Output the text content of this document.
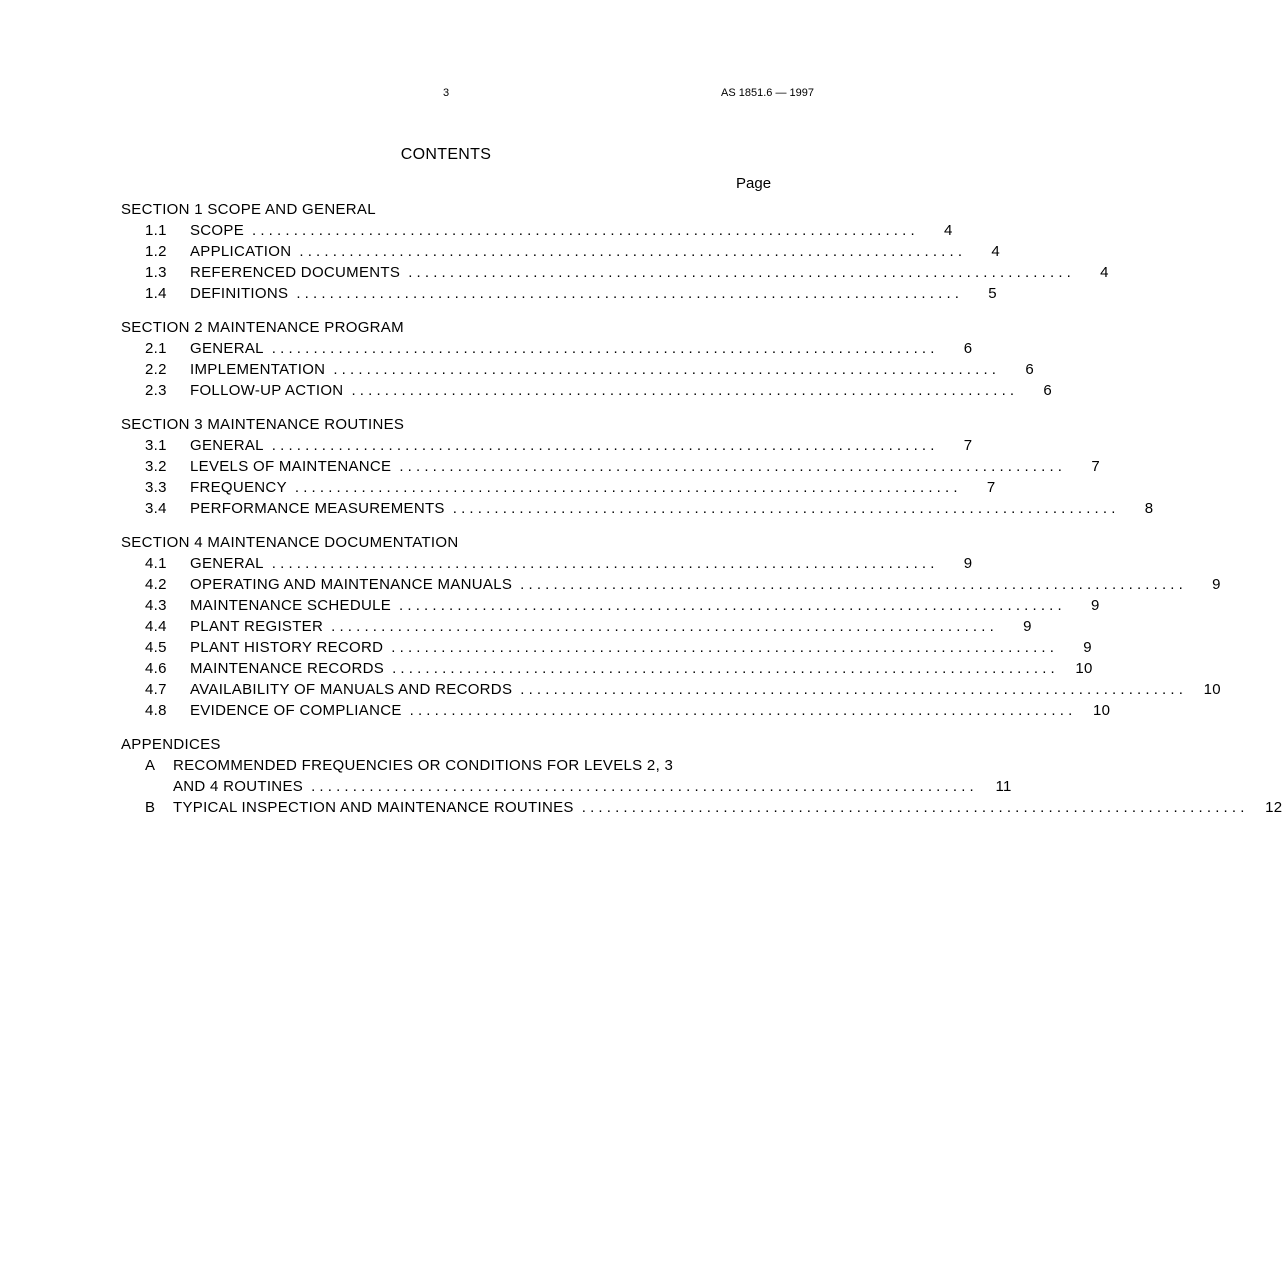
3	AS 1851.6 — 1997
CONTENTS
Page
SECTION 1 SCOPE AND GENERAL
1.1	SCOPE . . . . . . . . . . . . . . . . . . . . . . . . . . . . . . . . . . . . . . . . . . . . . . . . . . . . . . . . . . . . . . . . . . . . . . . . . . . . . . . .	4
1.2	APPLICATION . . . . . . . . . . . . . . . . . . . . . . . . . . . . . . . . . . . . . . . . . . . . . . . . . . . . . . . . . . . . . . . . . . . . . . . . . . . . . . . .	4
1.3	REFERENCED DOCUMENTS . . . . . . . . . . . . . . . . . . . . . . . . . . . . . . . . . . . . . . . . . . . . . . . . . . . . . . . . . . . . . . . . . . . . . . . . . . . . . . . .	4
1.4	DEFINITIONS . . . . . . . . . . . . . . . . . . . . . . . . . . . . . . . . . . . . . . . . . . . . . . . . . . . . . . . . . . . . . . . . . . . . . . . . . . . . . . . .	5
SECTION 2 MAINTENANCE PROGRAM
2.1	GENERAL . . . . . . . . . . . . . . . . . . . . . . . . . . . . . . . . . . . . . . . . . . . . . . . . . . . . . . . . . . . . . . . . . . . . . . . . . . . . . . . .	6
2.2	IMPLEMENTATION . . . . . . . . . . . . . . . . . . . . . . . . . . . . . . . . . . . . . . . . . . . . . . . . . . . . . . . . . . . . . . . . . . . . . . . . . . . . . . . .	6
2.3	FOLLOW-UP ACTION . . . . . . . . . . . . . . . . . . . . . . . . . . . . . . . . . . . . . . . . . . . . . . . . . . . . . . . . . . . . . . . . . . . . . . . . . . . . . . . .	6
SECTION 3 MAINTENANCE ROUTINES
3.1	GENERAL . . . . . . . . . . . . . . . . . . . . . . . . . . . . . . . . . . . . . . . . . . . . . . . . . . . . . . . . . . . . . . . . . . . . . . . . . . . . . . . .	7
3.2	LEVELS OF MAINTENANCE . . . . . . . . . . . . . . . . . . . . . . . . . . . . . . . . . . . . . . . . . . . . . . . . . . . . . . . . . . . . . . . . . . . . . . . . . . . . . . . .	7
3.3	FREQUENCY . . . . . . . . . . . . . . . . . . . . . . . . . . . . . . . . . . . . . . . . . . . . . . . . . . . . . . . . . . . . . . . . . . . . . . . . . . . . . . . .	7
3.4	PERFORMANCE MEASUREMENTS . . . . . . . . . . . . . . . . . . . . . . . . . . . . . . . . . . . . . . . . . . . . . . . . . . . . . . . . . . . . . . . . . . . . . . . . . . . . . . . .	8
SECTION 4 MAINTENANCE DOCUMENTATION
4.1	GENERAL . . . . . . . . . . . . . . . . . . . . . . . . . . . . . . . . . . . . . . . . . . . . . . . . . . . . . . . . . . . . . . . . . . . . . . . . . . . . . . . .	9
4.2	OPERATING AND MAINTENANCE MANUALS . . . . . . . . . . . . . . . . . . . . . . . . . . . . . . . . . . . . . . . . . . . . . . . . . . . . . . . . . . . . . . . . . . . . . . . . . . . . . . . .	9
4.3	MAINTENANCE SCHEDULE . . . . . . . . . . . . . . . . . . . . . . . . . . . . . . . . . . . . . . . . . . . . . . . . . . . . . . . . . . . . . . . . . . . . . . . . . . . . . . . .	9
4.4	PLANT REGISTER . . . . . . . . . . . . . . . . . . . . . . . . . . . . . . . . . . . . . . . . . . . . . . . . . . . . . . . . . . . . . . . . . . . . . . . . . . . . . . . .	9
4.5	PLANT HISTORY RECORD . . . . . . . . . . . . . . . . . . . . . . . . . . . . . . . . . . . . . . . . . . . . . . . . . . . . . . . . . . . . . . . . . . . . . . . . . . . . . . . .	9
4.6	MAINTENANCE RECORDS . . . . . . . . . . . . . . . . . . . . . . . . . . . . . . . . . . . . . . . . . . . . . . . . . . . . . . . . . . . . . . . . . . . . . . . . . . . . . . . .	10
4.7	AVAILABILITY OF MANUALS AND RECORDS . . . . . . . . . . . . . . . . . . . . . . . . . . . . . . . . . . . . . . . . . . . . . . . . . . . . . . . . . . . . . . . . . . . . . . . . . . . . . . . .	10
4.8	EVIDENCE OF COMPLIANCE . . . . . . . . . . . . . . . . . . . . . . . . . . . . . . . . . . . . . . . . . . . . . . . . . . . . . . . . . . . . . . . . . . . . . . . . . . . . . . . .	10
APPENDICES
A	RECOMMENDED FREQUENCIES OR CONDITIONS FOR LEVELS 2, 3
AND 4 ROUTINES . . . . . . . . . . . . . . . . . . . . . . . . . . . . . . . . . . . . . . . . . . . . . . . . . . . . . . . . . . . . . . . . . . . . . . . . . . . . . . . .	11
B	TYPICAL INSPECTION AND MAINTENANCE ROUTINES . . . . . . . . . . . . . . . . . . . . . . . . . . . . . . . . . . . . . . . . . . . . . . . . . . . . . . . . . . . . . . . . . . . . . . . . . . . . . . . .	12
